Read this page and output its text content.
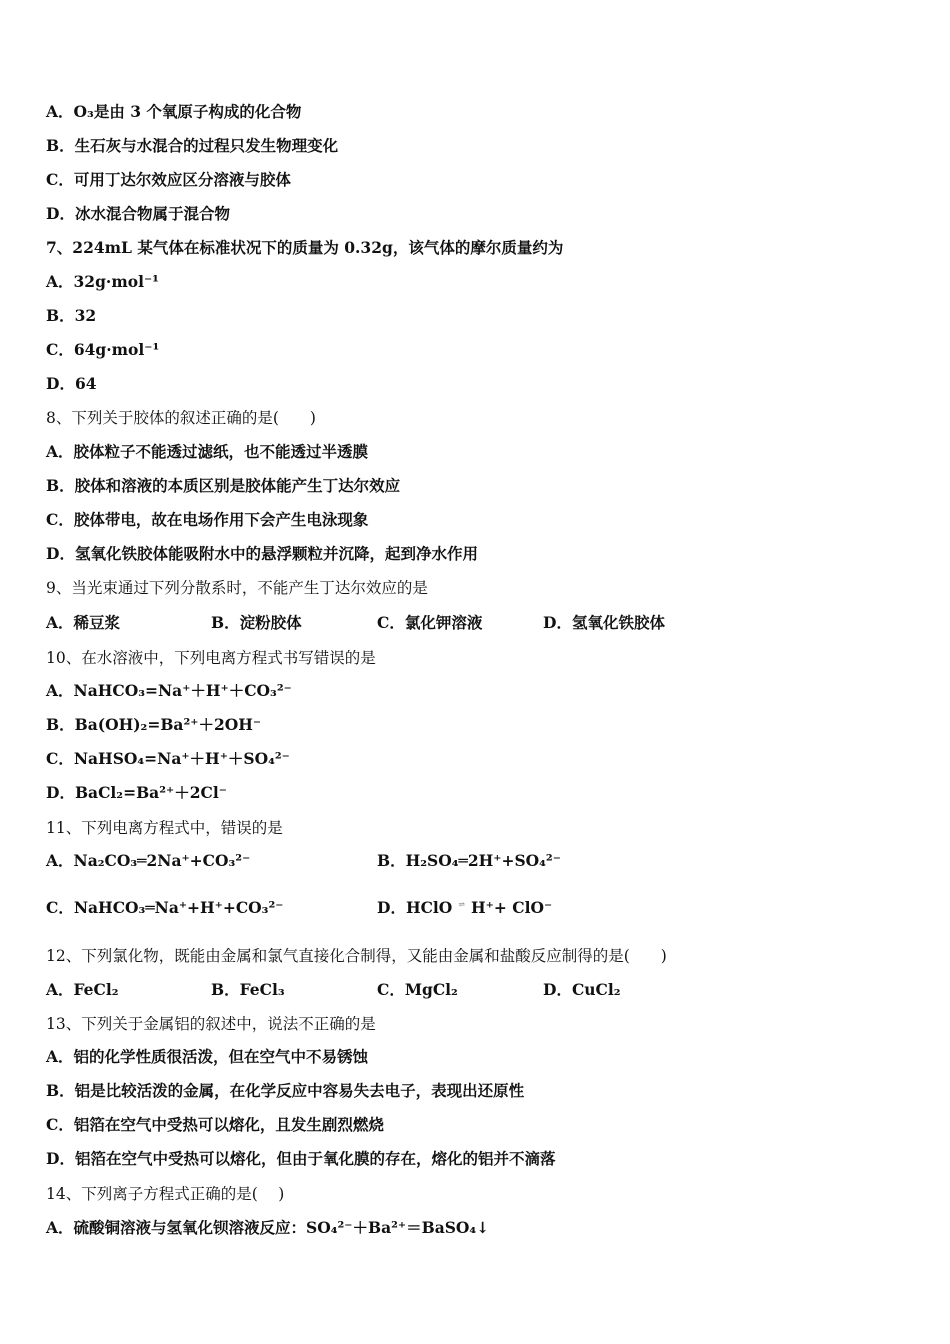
A．O₃是由 3 个氧原子构成的化合物
B．生石灰与水混合的过程只发生物理变化
C．可用丁达尔效应区分溶液与胶体
D．冰水混合物属于混合物
7、224mL 某气体在标准状况下的质量为 0.32g，该气体的摩尔质量约为
A．32g·mol⁻¹
B．32
C．64g·mol⁻¹
D．64
8、下列关于胶体的叙述正确的是(　　)
A．胶体粒子不能透过滤纸，也不能透过半透膜
B．胶体和溶液的本质区别是胶体能产生丁达尔效应
C．胶体带电，故在电场作用下会产生电泳现象
D．氢氧化铁胶体能吸附水中的悬浮颗粒并沉降，起到净水作用
9、当光束通过下列分散系时，不能产生丁达尔效应的是
A．稀豆浆	B．淀粉胶体	C．氯化钾溶液	D．氢氧化铁胶体
10、在水溶液中，下列电离方程式书写错误的是
A．NaHCO₃=Na⁺＋H⁺＋CO₃²⁻
B．Ba(OH)₂=Ba²⁺＋2OH⁻
C．NaHSO₄=Na⁺＋H⁺＋SO₄²⁻
D．BaCl₂=Ba²⁺＋2Cl⁻
11、下列电离方程式中，错误的是
A．Na₂CO₃═2Na⁺+CO₃²⁻	B．H₂SO₄═2H⁺+SO₄²⁻
C．NaHCO₃═Na⁺+H⁺+CO₃²⁻	D．HClO ⇌ H⁺+ ClO⁻
12、下列氯化物，既能由金属和氯气直接化合制得，又能由金属和盐酸反应制得的是(　　)
A．FeCl₂	B．FeCl₃	C．MgCl₂	D．CuCl₂
13、下列关于金属铝的叙述中，说法不正确的是
A．铝的化学性质很活泼，但在空气中不易锈蚀
B．铝是比较活泼的金属，在化学反应中容易失去电子，表现出还原性
C．铝箔在空气中受热可以熔化，且发生剧烈燃烧
D．铝箔在空气中受热可以熔化，但由于氧化膜的存在，熔化的铝并不滴落
14、下列离子方程式正确的是(　 )
A．硫酸铜溶液与氢氧化钡溶液反应：SO₄²⁻＋Ba²⁺＝BaSO₄↓
